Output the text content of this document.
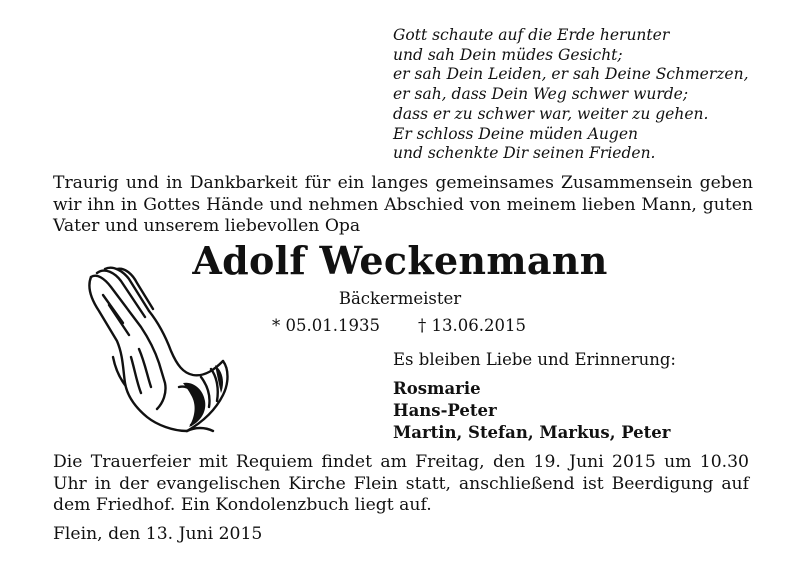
Gott schaute auf die Erde herunter
und sah Dein müdes Gesicht;
er sah Dein Leiden, er sah Deine Schmerzen,
er sah, dass Dein Weg schwer wurde;
dass er zu schwer war, weiter zu gehen.
Er schloss Deine müden Augen
und schenkte Dir seinen Frieden.
Traurig und in Dankbarkeit für ein langes gemeinsames Zusammensein geben wir ihn in Gottes Hände und nehmen Abschied von meinem lieben Mann, guten Vater und unserem liebevollen Opa
Adolf Weckenmann
Bäckermeister
* 05.01.1935 † 13.06.2015
Es bleiben Liebe und Erinnerung:
Rosmarie
Hans-Peter
Martin, Stefan, Markus, Peter
Die Trauerfeier mit Requiem findet am Freitag, den 19. Juni 2015 um 10.30 Uhr in der evangelischen Kirche Flein statt, anschließend ist Beerdigung auf dem Friedhof. Ein Kondolenzbuch liegt auf.
Flein, den 13. Juni 2015
